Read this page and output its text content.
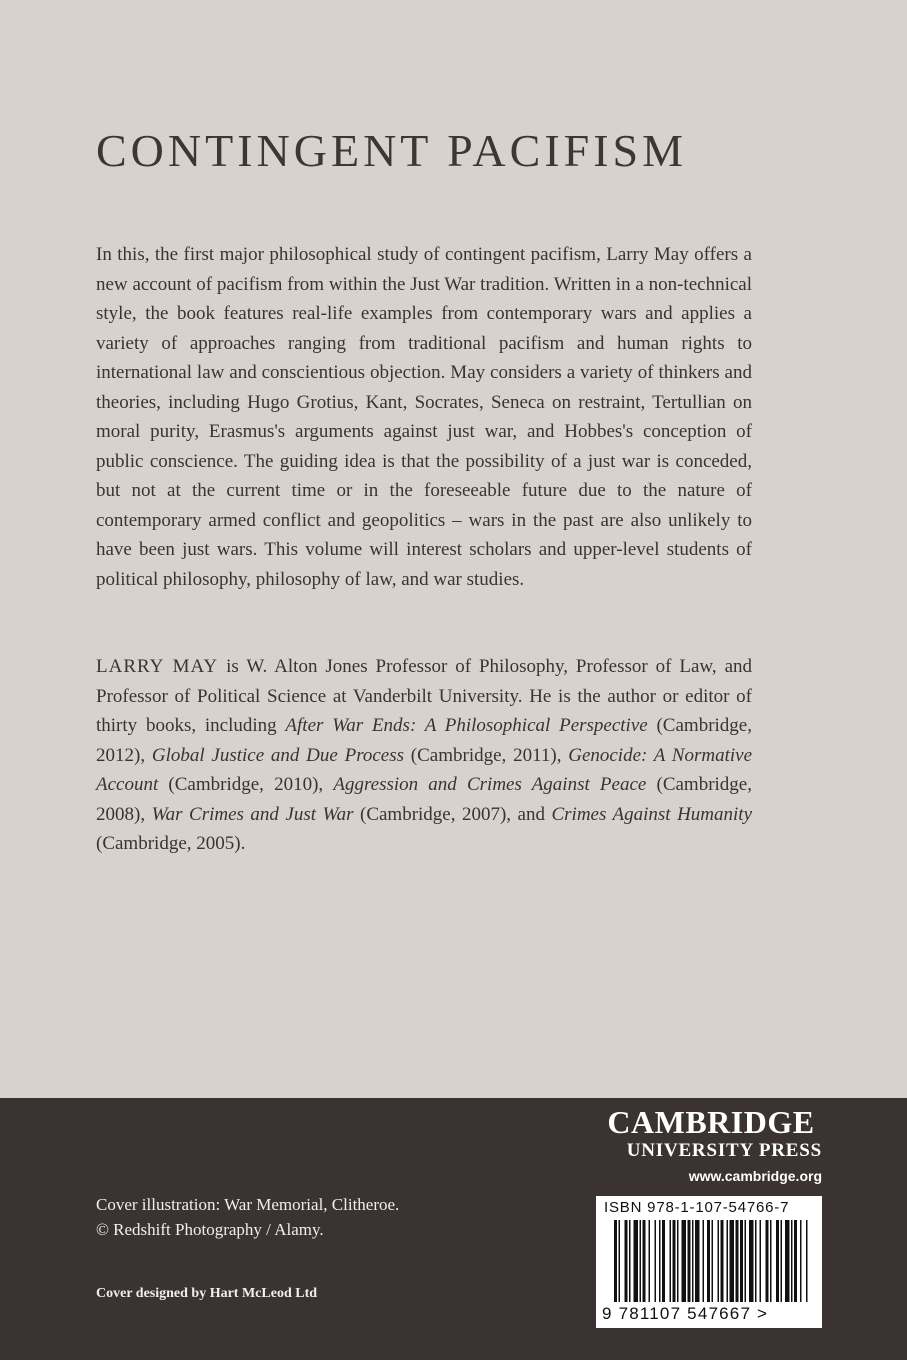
CONTINGENT PACIFISM

In this, the first major philosophical study of contingent pacifism, Larry May offers a new account of pacifism from within the Just War tradition. Written in a non-technical style, the book features real-life examples from contemporary wars and applies a variety of approaches ranging from traditional pacifism and human rights to international law and conscientious objection. May considers a variety of thinkers and theories, including Hugo Grotius, Kant, Socrates, Seneca on restraint, Tertullian on moral purity, Erasmus's arguments against just war, and Hobbes's conception of public conscience. The guiding idea is that the possibility of a just war is conceded, but not at the current time or in the foreseeable future due to the nature of contemporary armed conflict and geopolitics – wars in the past are also unlikely to have been just wars. This volume will interest scholars and upper-level students of political philosophy, philosophy of law, and war studies.

LARRY MAY is W. Alton Jones Professor of Philosophy, Professor of Law, and Professor of Political Science at Vanderbilt University. He is the author or editor of thirty books, including After War Ends: A Philosophical Perspective (Cambridge, 2012), Global Justice and Due Process (Cambridge, 2011), Genocide: A Normative Account (Cambridge, 2010), Aggression and Crimes Against Peace (Cambridge, 2008), War Crimes and Just War (Cambridge, 2007), and Crimes Against Humanity (Cambridge, 2005).

Cover illustration: War Memorial, Clitheroe.
© Redshift Photography / Alamy.
Cover designed by Hart McLeod Ltd
CAMBRIDGE
UNIVERSITY PRESS
www.cambridge.org
ISBN 978-1-107-54766-7
9 781107 547667 >
